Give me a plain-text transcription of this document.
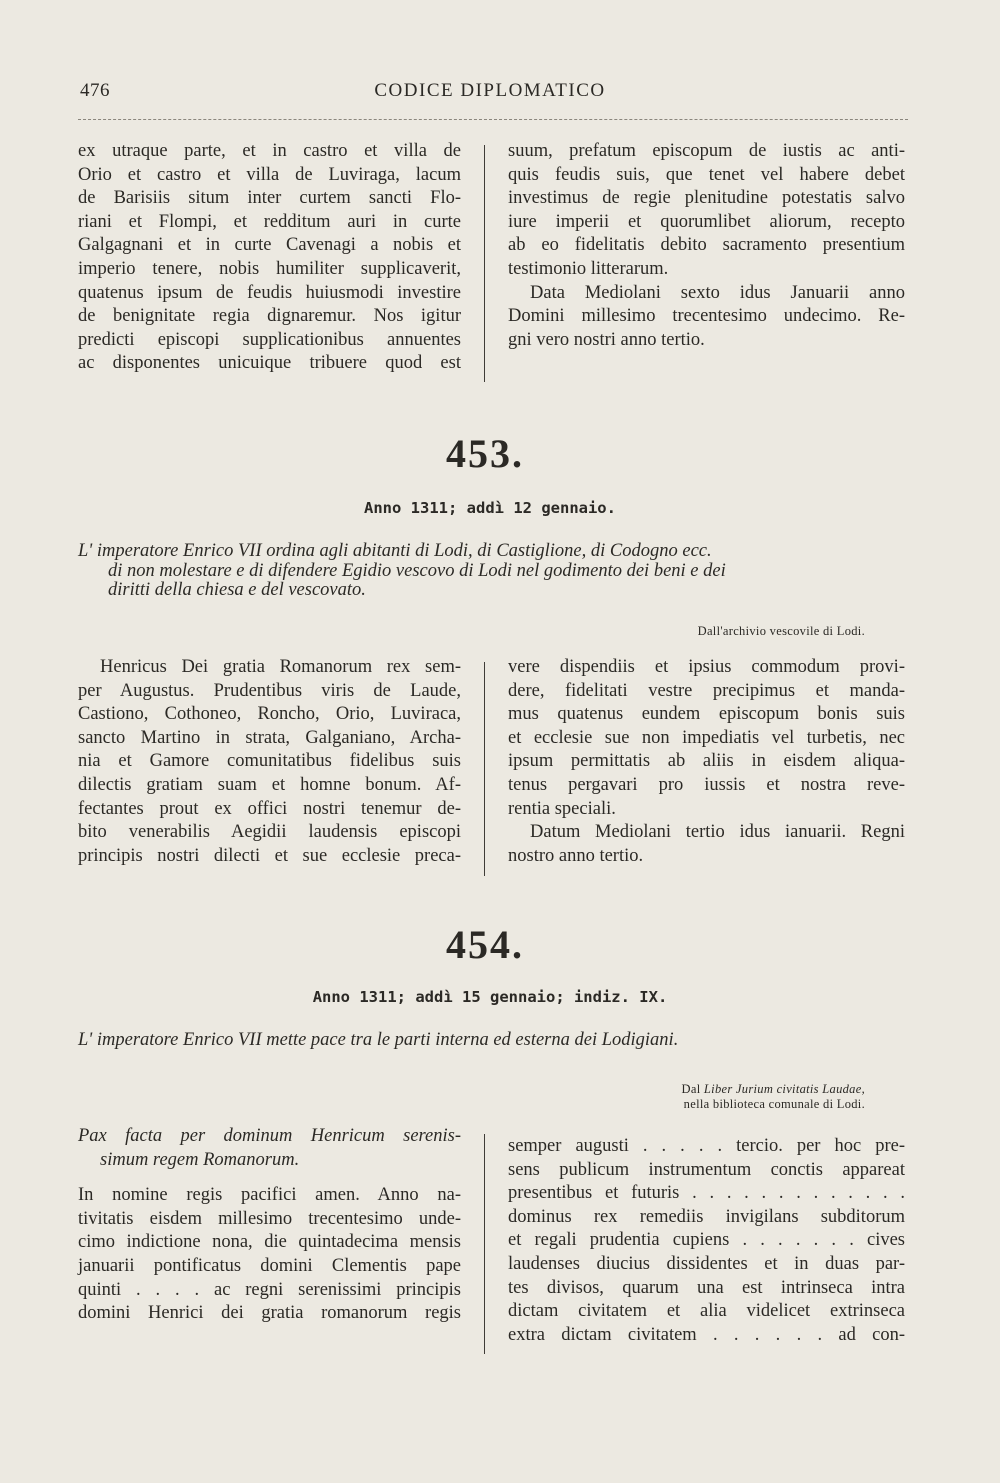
476	CODICE DIPLOMATICO
ex utraque parte, et in castro et villa de
Orio et castro et villa de Luviraga, lacum
de Barisiis situm inter curtem sancti Flo-
riani et Flompi, et redditum auri in curte
Galgagnani et in curte Cavenagi a nobis et
imperio tenere, nobis humiliter supplicaverit,
quatenus ipsum de feudis huiusmodi investire
de benignitate regia dignaremur. Nos igitur
predicti episcopi supplicationibus annuentes
ac disponentes unicuique tribuere quod est
suum, prefatum episcopum de iustis ac anti-
quis feudis suis, que tenet vel habere debet
investimus de regie plenitudine potestatis salvo
iure imperii et quorumlibet aliorum, recepto
ab eo fidelitatis debito sacramento presentium
testimonio litterarum.
Data Mediolani sexto idus Januarii anno
Domini millesimo trecentesimo undecimo. Re-
gni vero nostri anno tertio.
453.
Anno 1311; addì 12 gennaio.
L' imperatore Enrico VII ordina agli abitanti di Lodi, di Castiglione, di Codogno ecc.
di non molestare e di difendere Egidio vescovo di Lodi nel godimento dei beni e dei
diritti della chiesa e del vescovato.
Dall'archivio vescovile di Lodi.
Henricus Dei gratia Romanorum rex sem-
per Augustus. Prudentibus viris de Laude,
Castiono, Cothoneo, Roncho, Orio, Luviraca,
sancto Martino in strata, Galganiano, Archa-
nia et Gamore comunitatibus fidelibus suis
dilectis gratiam suam et homne bonum. Af-
fectantes prout ex offici nostri tenemur de-
bito venerabilis Aegidii laudensis episcopi
principis nostri dilecti et sue ecclesie preca-
vere dispendiis et ipsius commodum provi-
dere, fidelitati vestre precipimus et manda-
mus quatenus eundem episcopum bonis suis
et ecclesie sue non impediatis vel turbetis, nec
ipsum permittatis ab aliis in eisdem aliqua-
tenus pergavari pro iussis et nostra reve-
rentia speciali.
Datum Mediolani tertio idus ianuarii. Regni
nostro anno tertio.
454.
Anno 1311; addì 15 gennaio; indiz. IX.
L' imperatore Enrico VII mette pace tra le parti interna ed esterna dei Lodigiani.
Dal Liber Jurium civitatis Laudae,
nella biblioteca comunale di Lodi.
Pax facta per dominum Henricum serenis-
simum regem Romanorum.
In nomine regis pacifici amen. Anno na-
tivitatis eisdem millesimo trecentesimo unde-
cimo indictione nona, die quintadecima mensis
januarii pontificatus domini Clementis pape
quinti . . . . ac regni serenissimi principis
domini Henrici dei gratia romanorum regis
semper augusti . . . . . tercio. per hoc pre-
sens publicum instrumentum conctis appareat
presentibus et futuris . . . . . . . . . . . . .
dominus rex remediis invigilans subditorum
et regali prudentia cupiens . . . . . . . cives
laudenses diucius dissidentes et in duas par-
tes divisos, quarum una est intrinseca intra
dictam civitatem et alia videlicet extrinseca
extra dictam civitatem . . . . . . ad con-
